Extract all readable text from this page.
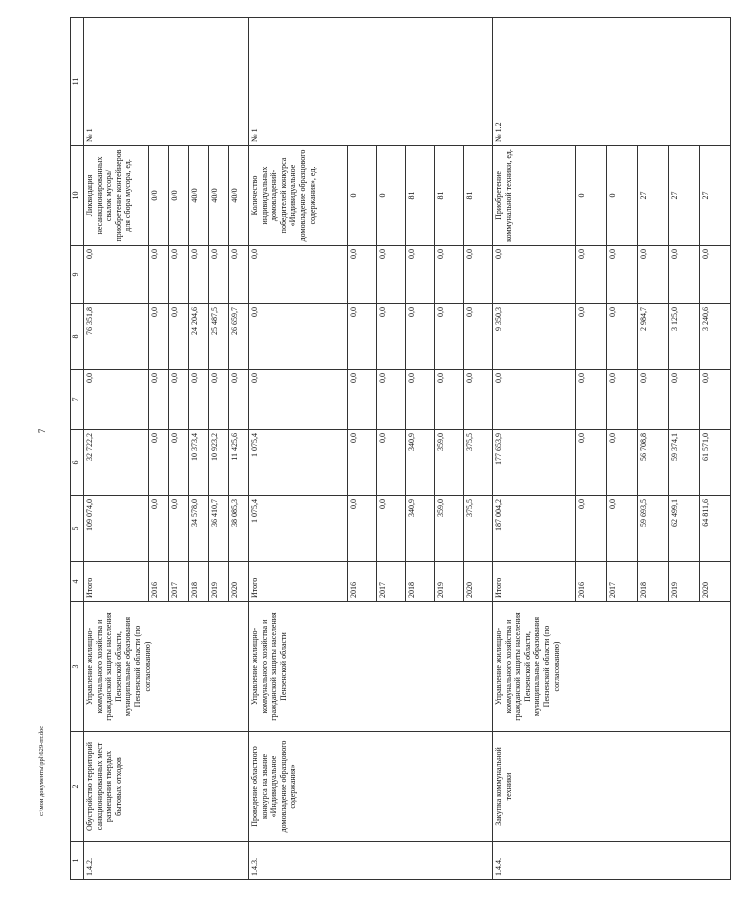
7
c:\мои документы\ppl\629-пт.doc
1	2	3	4	5	6	7	8	9	10	11
1.4.2.	Обустройство территорий санкционированных мест размещения твердых бытовых отходов	Управление жилищно-коммунального хозяйства и гражданской защиты населения Пензенской области, муниципальные образования Пензенской области (по согласованию)	Итого	109 074,0	32 722,2	0,0	76 351,8	0,0	Ликвидация несанкционированных свалок мусора/ приобретение контейнеров для сбора мусора, ед.	№ 1
			2016	0,0	0,0	0,0	0,0	0,0	0/0	
			2017	0,0	0,0	0,0	0,0	0,0	0/0	
			2018	34 578,0	10 373,4	0,0	24 204,6	0,0	40/0	
			2019	36 410,7	10 923,2	0,0	25 487,5	0,0	40/0	
			2020	38 085,3	11 425,6	0,0	26 659,7	0,0	40/0	
1.4.3.	Проведение областного конкурса на звание «Индивидуальное домовладение образцового содержания»	Управление жилищно-коммунального хозяйства и гражданской защиты населения Пензенской области	Итого	1 075,4	1 075,4	0,0	0,0	0,0	Количество индивидуальных домовладений-победителей конкурса «Индивидуальное домовладение образцового содержания», ед.	№ 1
			2016	0,0	0,0	0,0	0,0	0,0	0	
			2017	0,0	0,0	0,0	0,0	0,0	0	
			2018	340,9	340,9	0,0	0,0	0,0	81	
			2019	359,0	359,0	0,0	0,0	0,0	81	
			2020	375,5	375,5	0,0	0,0	0,0	81	
1.4.4.	Закупка коммунальной техники	Управление жилищно-коммунального хозяйства и гражданской защиты населения Пензенской области, муниципальные образования Пензенской области (по согласованию)	Итого	187 004,2	177 653,9	0,0	9 350,3	0,0	Приобретение коммунальной техники, ед.	№ 1.2
			2016	0,0	0,0	0,0	0,0	0,0	0	
			2017	0,0	0,0	0,0	0,0	0,0	0	
			2018	59 693,5	56 708,8	0,0	2 984,7	0,0	27	
			2019	62 499,1	59 374,1	0,0	3 125,0	0,0	27	
			2020	64 811,6	61 571,0	0,0	3 240,6	0,0	27	
